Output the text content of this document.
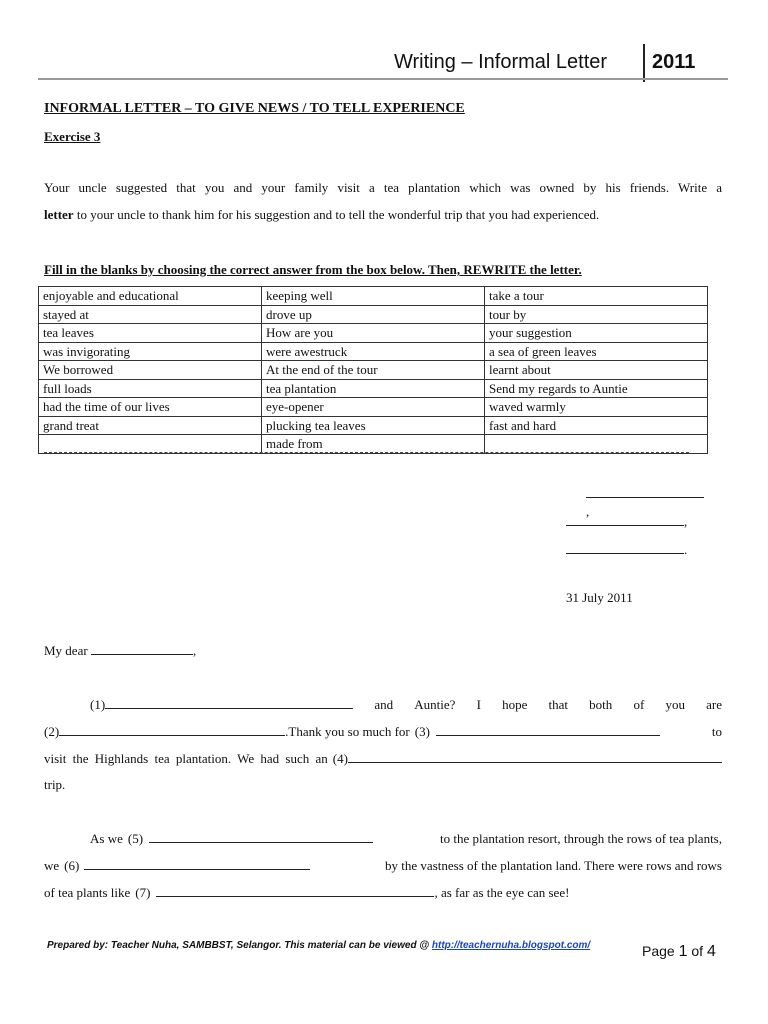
Writing – Informal Letter 2011
INFORMAL LETTER – TO GIVE NEWS / TO TELL EXPERIENCE
Exercise 3
Your uncle suggested that you and your family visit a tea plantation which was owned by his friends. Write a
letter to your uncle to thank him for his suggestion and to tell the wonderful trip that you had experienced.
Fill in the blanks by choosing the correct answer from the box below. Then, REWRITE the letter.
enjoyable and educational	keeping well	take a tour
stayed at	drove up	tour by
tea leaves	How are you	your suggestion
was invigorating	were awestruck	a sea of green leaves
We borrowed	At the end of the tour	learnt about
full loads	tea plantation	Send my regards to Auntie
had the time of our lives	eye-opener	waved warmly
grand treat	plucking tea leaves	fast and hard
	made from	
,
,
.
31 July 2011
My dear	,
(1)	and Auntie? I hope that both of you are
(2)	.Thank you so much for (3)	to
visit the Highlands tea plantation. We had such an (4)
trip.
As we (5)	to the plantation resort, through the rows of tea plants,
we (6)	by the vastness of the plantation land. There were rows and rows
of tea plants like (7)	, as far as the eye can see!
Prepared by: Teacher Nuha, SAMBBST, Selangor. This material can be viewed @ http://teachernuha.blogspot.com/	Page 1 of 4
